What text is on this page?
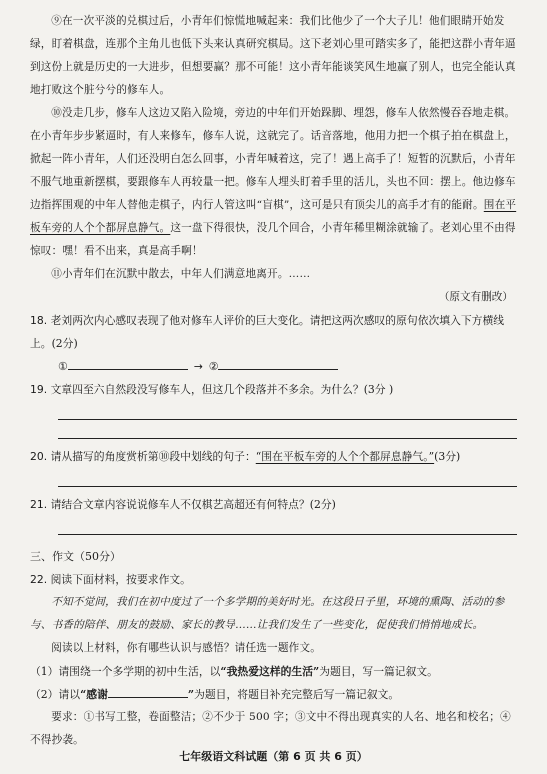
⑨在一次平淡的兑棋过后，小青年们惊慌地喊起来：我们比他少了一个大子儿！他们眼睛开始发绿，盯着棋盘，连那个主角儿也低下头来认真研究棋局。这下老刘心里可踏实多了，能把这群小青年逼到这份上就是历史的一大进步，但想要赢？那不可能！这小青年能谈笑风生地赢了别人，也完全能认真地打败这个脏兮兮的修车人。

⑩没走几步，修车人这边又陷入险境，旁边的中年们开始跺脚、埋怨，修车人依然慢吞吞地走棋。在小青年步步紧逼时，有人来修车，修车人说，这就完了。话音落地，他用力把一个棋子拍在棋盘上，掀起一阵小青年，人们还没明白怎么回事，小青年喊着这，完了！遇上高手了！短暂的沉默后，小青年不服气地重新摆棋，要跟修车人再较量一把。修车人埋头盯着手里的活儿，头也不回：摆上。他边修车边指挥围观的中年人替他走棋子，内行人管这叫“盲棋”，这可是只有顶尖儿的高手才有的能耐。围在平板车旁的人个个都屏息静气。这一盘下得很快，没几个回合，小青年稀里糊涂就输了。老刘心里不由得惊叹：嘿！看不出来，真是高手啊！

⑪小青年们在沉默中散去，中年人们满意地离开。……

（原文有删改）

18. 老刘两次内心感叹表现了他对修车人评价的巨大变化。请把这两次感叹的原句依次填入下方横线上。(2分)

①	→ ②

19. 文章四至六自然段没写修车人，但这几个段落并不多余。为什么？(3分 )

20. 请从描写的角度赏析第⑩段中划线的句子：“围在平板车旁的人个个都屏息静气。”(3分)

21. 请结合文章内容说说修车人不仅棋艺高超还有何特点？(2分)

三、作文（50分）

22. 阅读下面材料，按要求作文。

不知不觉间，我们在初中度过了一个多学期的美好时光。在这段日子里，环境的熏陶、活动的参与、书香的陪伴、朋友的鼓励、家长的教导……让我们发生了一些变化，促使我们悄悄地成长。

阅读以上材料，你有哪些认识与感悟？请任选一题作文。

（1）请围绕一个多学期的初中生活，以“我热爱这样的生活”为题目，写一篇记叙文。

（2）请以“感谢	”为题目，将题目补充完整后写一篇记叙文。

要求：①书写工整，卷面整洁；②不少于 500 字；③文中不得出现真实的人名、地名和校名；④不得抄袭。

七年级语文科试题（第 6 页 共 6 页）
